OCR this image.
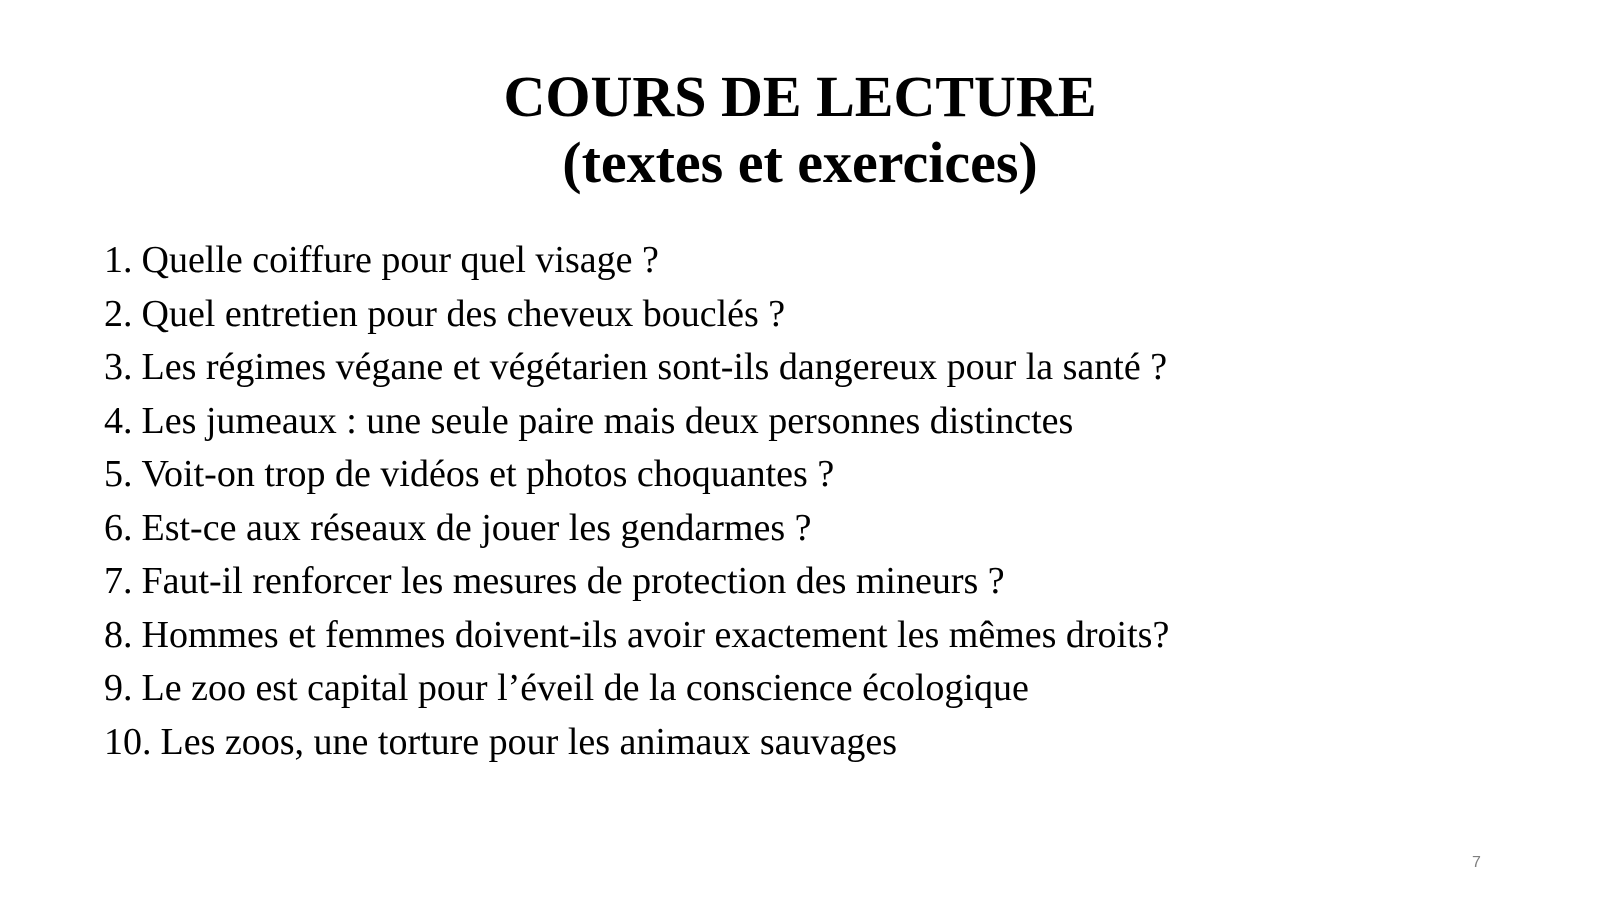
COURS DE LECTURE
(textes et exercices)
1. Quelle coiffure pour quel visage ?
2. Quel entretien pour des cheveux bouclés ?
3. Les régimes végane et végétarien sont-ils dangereux pour la santé ?
4. Les jumeaux : une seule paire mais deux personnes distinctes
5. Voit-on trop de vidéos et photos choquantes ?
6. Est-ce aux réseaux de jouer les gendarmes ?
7. Faut-il renforcer les mesures de protection des mineurs ?
8. Hommes et femmes doivent-ils avoir exactement les mêmes droits?
9. Le zoo est capital pour l’éveil de la conscience écologique
10. Les zoos, une torture pour les animaux sauvages
7
